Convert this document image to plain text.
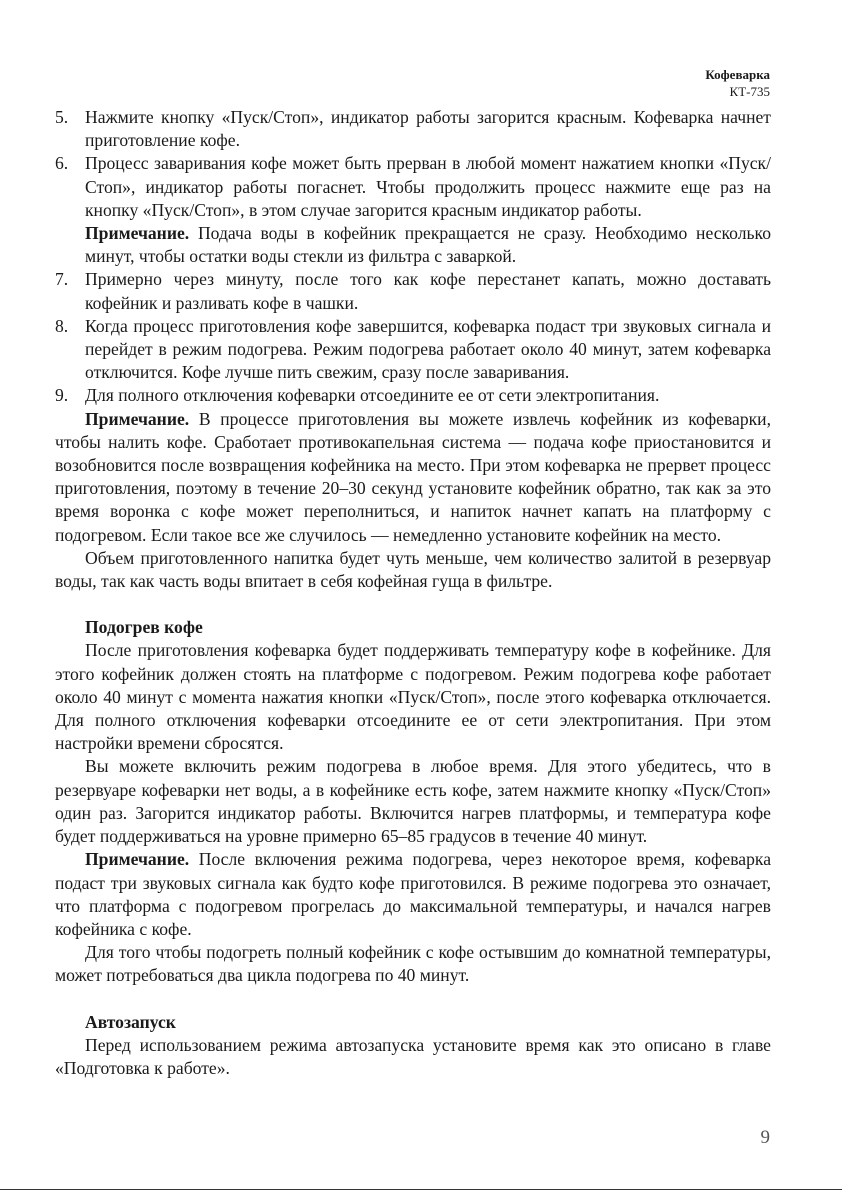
Кофеварка
КТ-735
5. Нажмите кнопку «Пуск/Стоп», индикатор работы загорится красным. Кофеварка начнет приготовление кофе.

6. Процесс заваривания кофе может быть прерван в любой момент нажатием кнопки «Пуск/Стоп», индикатор работы погаснет. Чтобы продолжить процесс нажмите еще раз на кнопку «Пуск/Стоп», в этом случае загорится красным индикатор работы.

Примечание. Подача воды в кофейник прекращается не сразу. Необходимо несколько минут, чтобы остатки воды стекли из фильтра с заваркой.

7. Примерно через минуту, после того как кофе перестанет капать, можно доставать кофейник и разливать кофе в чашки.

8. Когда процесс приготовления кофе завершится, кофеварка подаст три звуковых сигнала и перейдет в режим подогрева. Режим подогрева работает около 40 минут, затем кофеварка отключится. Кофе лучше пить свежим, сразу после заваривания.

9. Для полного отключения кофеварки отсоедините ее от сети электропитания.

Примечание. В процессе приготовления вы можете извлечь кофейник из кофеварки, чтобы налить кофе. Сработает противокапельная система — подача кофе приостановится и возобновится после возвращения кофейника на место. При этом кофеварка не прервет процесс приготовления, поэтому в течение 20–30 секунд установите кофейник обратно, так как за это время воронка с кофе может переполниться, и напиток начнет капать на платформу с подогревом. Если такое все же случилось — немедленно установите кофейник на место.

Объем приготовленного напитка будет чуть меньше, чем количество залитой в резервуар воды, так как часть воды впитает в себя кофейная гуща в фильтре.

Подогрев кофе

После приготовления кофеварка будет поддерживать температуру кофе в кофейнике. Для этого кофейник должен стоять на платформе с подогревом. Режим подогрева кофе работает около 40 минут с момента нажатия кнопки «Пуск/Стоп», после этого кофеварка отключается. Для полного отключения кофеварки отсоедините ее от сети электропитания. При этом настройки времени сбросятся.

Вы можете включить режим подогрева в любое время. Для этого убедитесь, что в резервуаре кофеварки нет воды, а в кофейнике есть кофе, затем нажмите кнопку «Пуск/Стоп» один раз. Загорится индикатор работы. Включится нагрев платформы, и температура кофе будет поддерживаться на уровне примерно 65–85 градусов в течение 40 минут.

Примечание. После включения режима подогрева, через некоторое время, кофеварка подаст три звуковых сигнала как будто кофе приготовился. В режиме подогрева это означает, что платформа с подогревом прогрелась до максимальной температуры, и начался нагрев кофейника с кофе.

Для того чтобы подогреть полный кофейник с кофе остывшим до комнатной температуры, может потребоваться два цикла подогрева по 40 минут.

Автозапуск

Перед использованием режима автозапуска установите время как это описано в главе «Подготовка к работе».

9
